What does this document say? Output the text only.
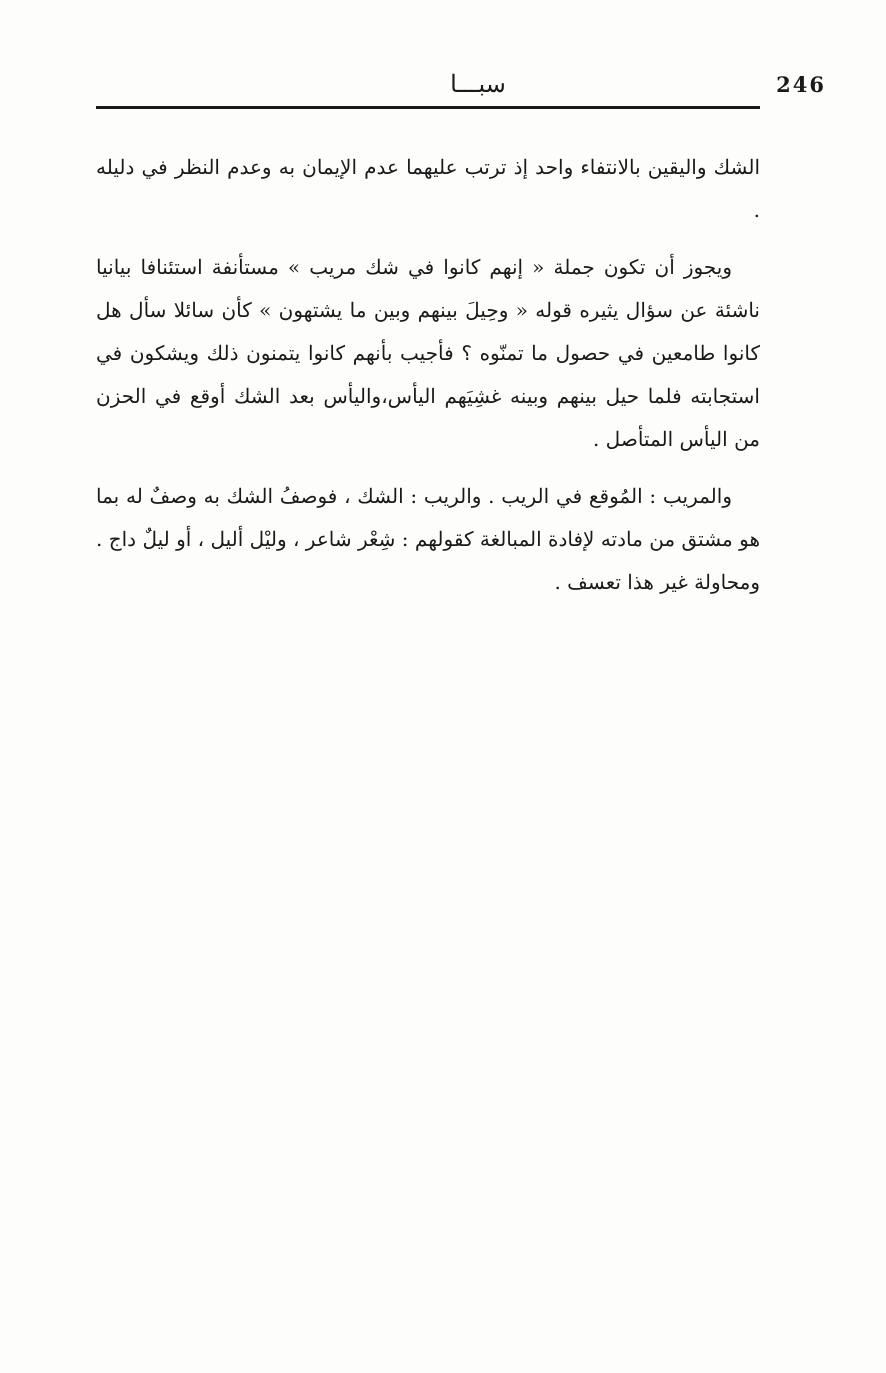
246
سبـــا

الشك واليقين بالانتفاء واحد إذ ترتب عليهما عدم الإيمان به وعدم النظر في دليله .

ويجوز أن تكون جملة « إنهم كانوا في شك مريب » مستأنفة استئنافا بيانيا ناشئة عن سؤال يثيره قوله « وحِيلَ بينهم وبين ما يشتهون » كأن سائلا سأل هل كانوا طامعين في حصول ما تمنّوه ؟ فأجيب بأنهم كانوا يتمنون ذلك ويشكون في استجابته فلما حيل بينهم وبينه غشِيَهم اليأس،واليأس بعد الشك أوقع في الحزن من اليأس المتأصل .

والمريب : المُوقع في الريب . والريب : الشك ، فوصفُ الشك به وصفٌ له بما هو مشتق من مادته لإفادة المبالغة كقولهم : شِعْر شاعر ، وليْل أليل ، أو ليلٌ داج . ومحاولة غير هذا تعسف .
